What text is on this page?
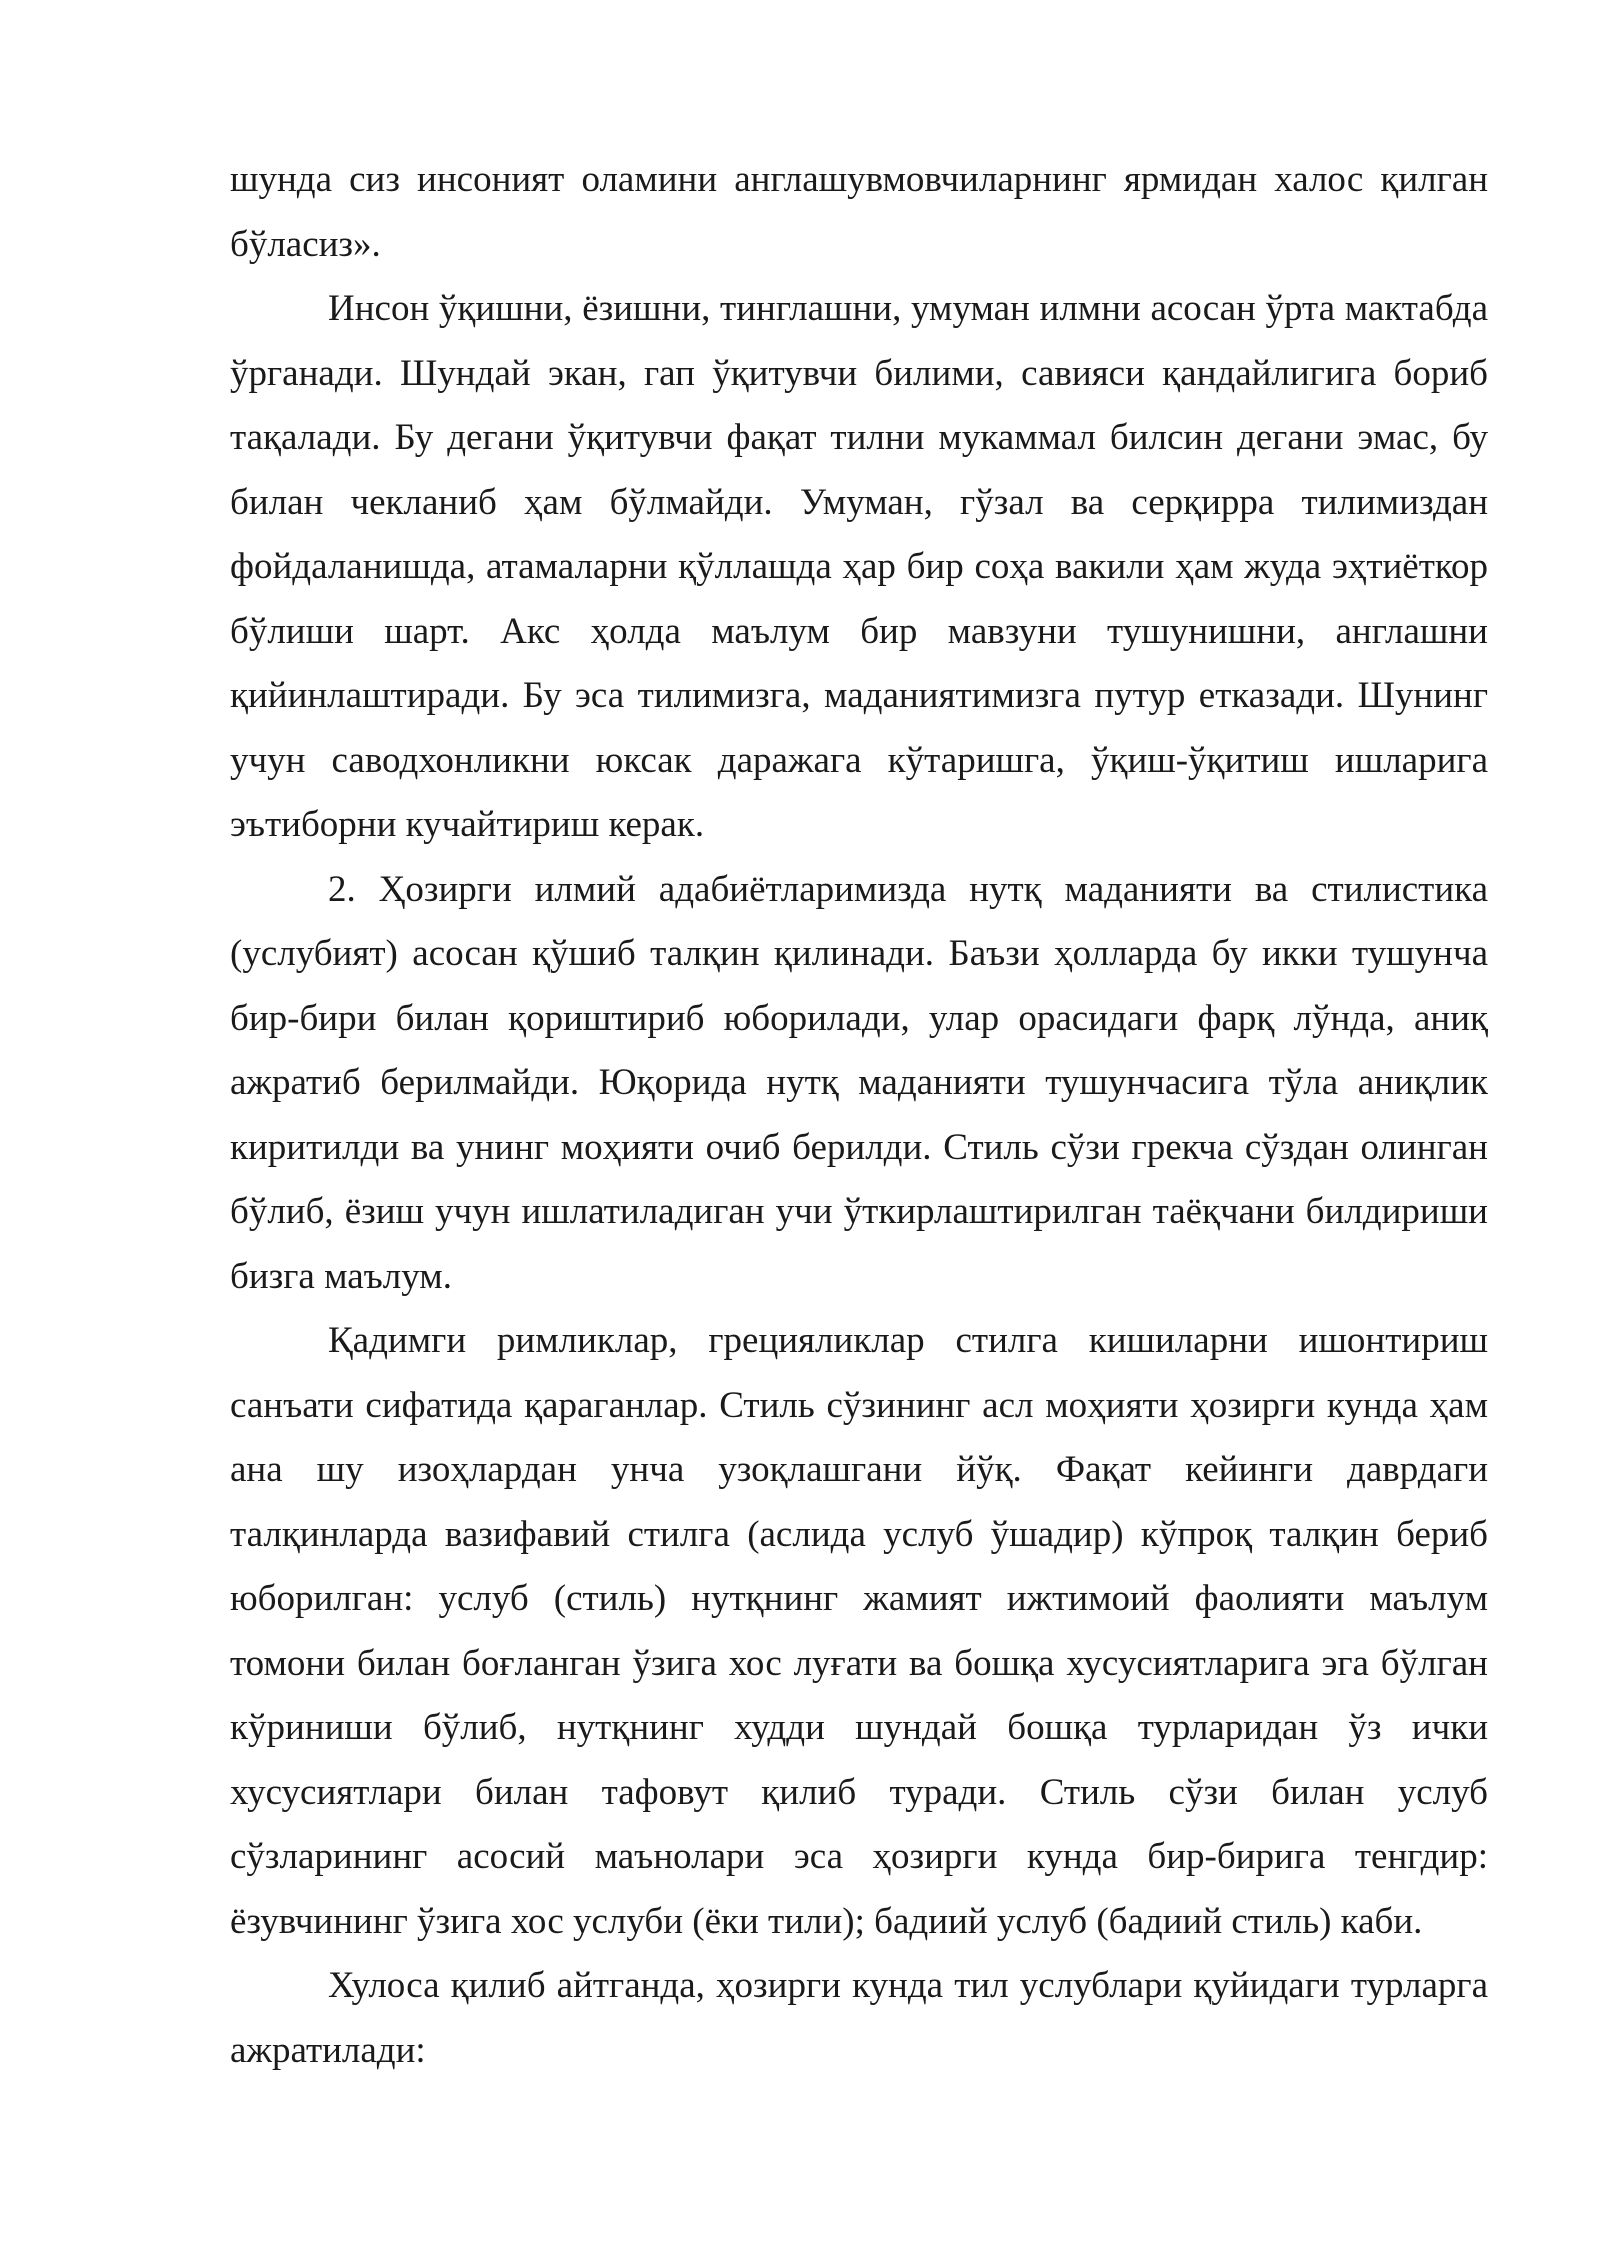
шунда сиз инсоният оламини англашувмовчиларнинг ярмидан халос қилган бўласиз».

Инсон ўқишни, ёзишни, тинглашни, умуман илмни асосан ўрта мактабда ўрганади. Шундай экан, гап ўқитувчи билими, савияси қандайлигига бориб тақалади. Бу дегани ўқитувчи фақат тилни мукаммал билсин дегани эмас, бу билан чекланиб ҳам бўлмайди. Умуман, гўзал ва серқирра тилимиздан фойдаланишда, атамаларни қўллашда ҳар бир соҳа вакили ҳам жуда эҳтиёткор бўлиши шарт. Акс ҳолда маълум бир мавзуни тушунишни, англашни қийинлаштиради. Бу эса тилимизга, маданиятимизга путур етказади. Шунинг учун саводхонликни юксак даражага кўтаришга, ўқиш-ўқитиш ишларига эътиборни кучайтириш керак.

2. Ҳозирги илмий адабиётларимизда нутқ маданияти ва стилистика (услубият) асосан қўшиб талқин қилинади. Баъзи ҳолларда бу икки тушунча бир-бири билан қориштириб юборилади, улар орасидаги фарқ лўнда, аниқ ажратиб берилмайди. Юқорида нутқ маданияти тушунчасига тўла аниқлик киритилди ва унинг моҳияти очиб берилди. Стиль сўзи грекча сўздан олинган бўлиб, ёзиш учун ишлатиладиган учи ўткирлаштирилган таёқчани билдириши бизга маълум.

Қадимги римликлар, грецияликлар стилга кишиларни ишонтириш санъати сифатида қараганлар. Стиль сўзининг асл моҳияти ҳозирги кунда ҳам ана шу изоҳлардан унча узоқлашгани йўқ. Фақат кейинги даврдаги талқинларда вазифавий стилга (аслида услуб ўшадир) кўпроқ талқин бериб юборилган: услуб (стиль) нутқнинг жамият ижтимоий фаолияти маълум томони билан боғланган ўзига хос луғати ва бошқа хусусиятларига эга бўлган кўриниши бўлиб, нутқнинг худди шундай бошқа турларидан ўз ички хусусиятлари билан тафовут қилиб туради. Стиль сўзи билан услуб сўзларининг асосий маънолари эса ҳозирги кунда бир-бирига тенгдир: ёзувчининг ўзига хос услуби (ёки тили); бадиий услуб (бадиий стиль) каби.

Хулоса қилиб айтганда, ҳозирги кунда тил услублари қуйидаги турларга ажратилади:
